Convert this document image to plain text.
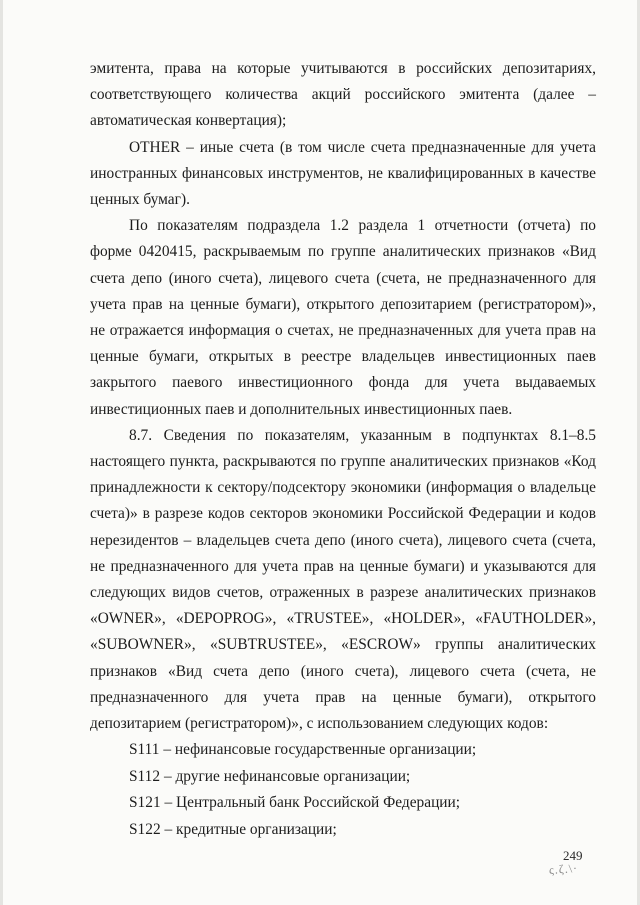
эмитента, права на которые учитываются в российских депозитариях, соответствующего количества акций российского эмитента (далее – автоматическая конвертация);

OTHER – иные счета (в том числе счета предназначенные для учета иностранных финансовых инструментов, не квалифицированных в качестве ценных бумаг).

По показателям подраздела 1.2 раздела 1 отчетности (отчета) по форме 0420415, раскрываемым по группе аналитических признаков «Вид счета депо (иного счета), лицевого счета (счета, не предназначенного для учета прав на ценные бумаги), открытого депозитарием (регистратором)», не отражается информация о счетах, не предназначенных для учета прав на ценные бумаги, открытых в реестре владельцев инвестиционных паев закрытого паевого инвестиционного фонда для учета выдаваемых инвестиционных паев и дополнительных инвестиционных паев.

8.7. Сведения по показателям, указанным в подпунктах 8.1–8.5 настоящего пункта, раскрываются по группе аналитических признаков «Код принадлежности к сектору/подсектору экономики (информация о владельце счета)» в разрезе кодов секторов экономики Российской Федерации и кодов нерезидентов – владельцев счета депо (иного счета), лицевого счета (счета, не предназначенного для учета прав на ценные бумаги) и указываются для следующих видов счетов, отраженных в разрезе аналитических признаков «OWNER», «DEPOPROG», «TRUSTEE», «HOLDER», «FAUTHOLDER», «SUBOWNER», «SUBTRUSTEE», «ESCROW» группы аналитических признаков «Вид счета депо (иного счета), лицевого счета (счета, не предназначенного для учета прав на ценные бумаги), открытого депозитарием (регистратором)», с использованием следующих кодов:

S111 – нефинансовые государственные организации;

S112 – другие нефинансовые организации;

S121 – Центральный банк Российской Федерации;

S122 – кредитные организации;

249
ς.ζ.\·
